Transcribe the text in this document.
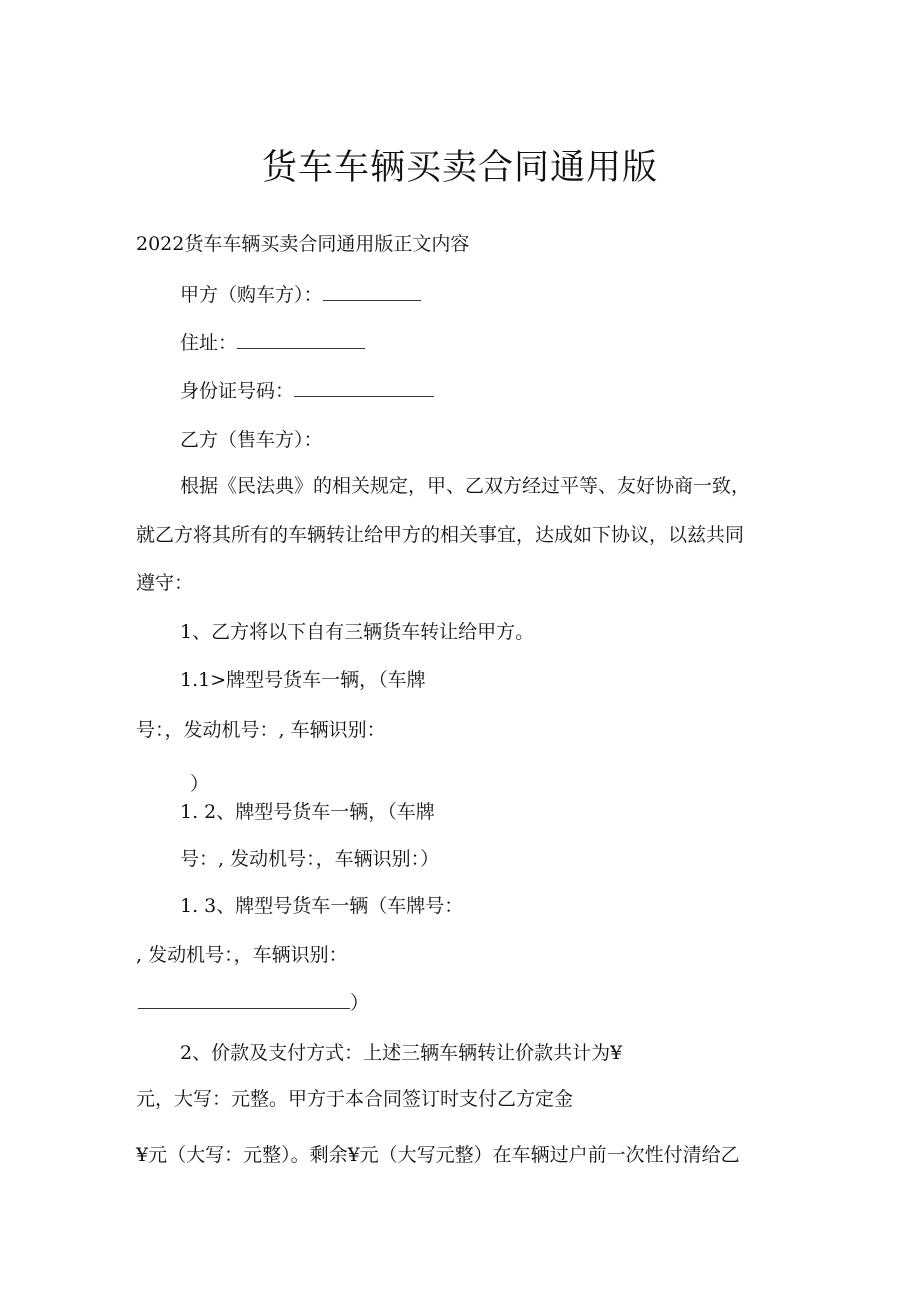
货车车辆买卖合同通用版

2022货车车辆买卖合同通用版正文内容

甲方（购车方）：

住址：

身份证号码：

乙方（售车方）：

根据《民法典》的相关规定，甲、乙双方经过平等、友好协商一致，

就乙方将其所有的车辆转让给甲方的相关事宜，达成如下协议，以兹共同

遵守：

1、乙方将以下自有三辆货车转让给甲方。

1.1>牌型号货车一辆，（车牌

号：，发动机号：, 车辆识别：

）

1. 2、牌型号货车一辆，（车牌

号：, 发动机号：，车辆识别：）

1. 3、牌型号货车一辆（车牌号：

, 发动机号：，车辆识别：

）

2、价款及支付方式：上述三辆车辆转让价款共计为¥

元，大写：元整。甲方于本合同签订时支付乙方定金

¥元（大写：元整）。剩余¥元（大写元整）在车辆过户前一次性付清给乙
